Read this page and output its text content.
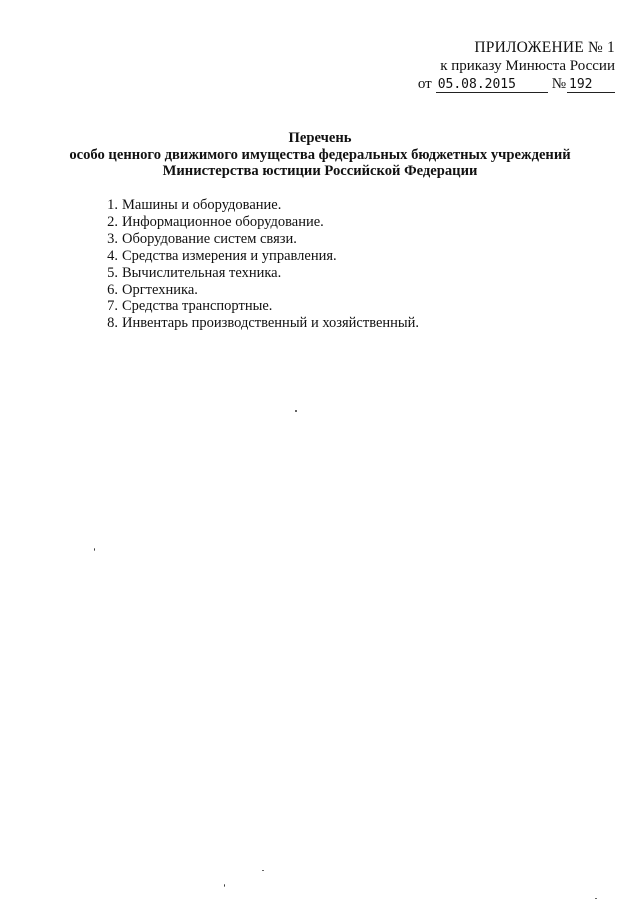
ПРИЛОЖЕНИЕ № 1
к приказу Минюста России
от 05.08.2015	№ 192
Перечень
особо ценного движимого имущества федеральных бюджетных учреждений
Министерства юстиции Российской Федерации
1. Машины и оборудование.
2. Информационное оборудование.
3. Оборудование систем связи.
4. Средства измерения и управления.
5. Вычислительная техника.
6. Оргтехника.
7. Средства транспортные.
8. Инвентарь производственный и хозяйственный.
